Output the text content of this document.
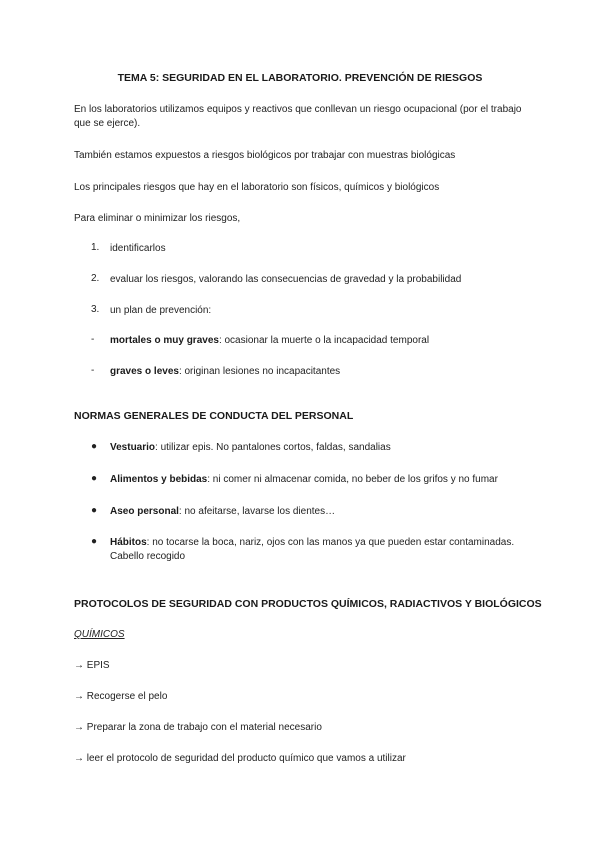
TEMA 5: SEGURIDAD EN EL LABORATORIO. PREVENCIÓN DE RIESGOS
En los laboratorios utilizamos equipos y reactivos que conllevan un riesgo ocupacional (por el trabajo que se ejerce).
También estamos expuestos a riesgos biológicos por trabajar con muestras biológicas
Los principales riesgos que hay en el laboratorio son físicos, químicos y biológicos
Para eliminar o minimizar los riesgos,
1.	identificarlos
2.	evaluar los riesgos, valorando las consecuencias de gravedad y la probabilidad
3.	un plan de prevención:
- mortales o muy graves: ocasionar la muerte o la incapacidad temporal
- graves o leves: originan lesiones no incapacitantes
NORMAS GENERALES DE CONDUCTA DEL PERSONAL
● Vestuario: utilizar epis. No pantalones cortos, faldas, sandalias
● Alimentos y bebidas: ni comer ni almacenar comida, no beber de los grifos y no fumar
● Aseo personal: no afeitarse, lavarse los dientes…
● Hábitos: no tocarse la boca, nariz, ojos con las manos ya que pueden estar contaminadas. Cabello recogido
PROTOCOLOS DE SEGURIDAD CON PRODUCTOS QUÍMICOS, RADIACTIVOS Y BIOLÓGICOS
QUÍMICOS
→ EPIS
→ Recogerse el pelo
→ Preparar la zona de trabajo con el material necesario
→ leer el protocolo de seguridad del producto químico que vamos a utilizar
